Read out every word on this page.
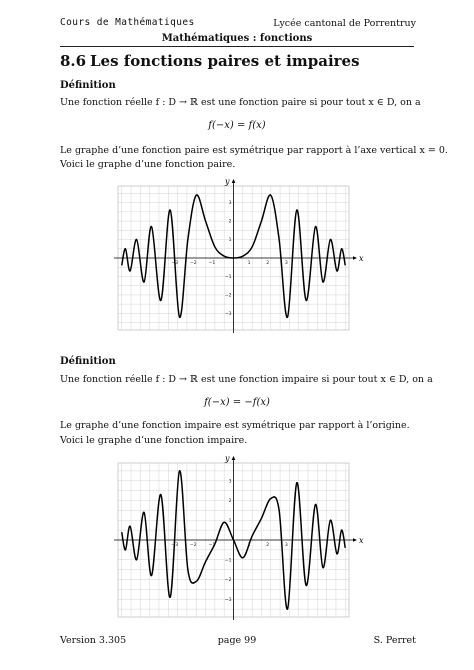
Cours de Mathématiques	Lycée cantonal de Porrentruy
Mathématiques : fonctions
8.6 Les fonctions paires et impaires
Définition
Une fonction réelle f : D → ℝ est une fonction paire si pour tout x ∈ D, on a
f(−x) = f(x)
Le graphe d’une fonction paire est symétrique par rapport à l’axe vertical x = 0.
Voici le graphe d’une fonction paire.
x
y
−3	−2	−1	1	2	3
−3
−2
−1
1
2
3
Définition
Une fonction réelle f : D → ℝ est une fonction impaire si pour tout x ∈ D, on a
f(−x) = −f(x)
Le graphe d’une fonction impaire est symétrique par rapport à l’origine.
Voici le graphe d’une fonction impaire.
x
y
−3	−2	−1	1	2	3
−3
−2
−1
1
2
3
Version 3.305	page 99	S. Perret
